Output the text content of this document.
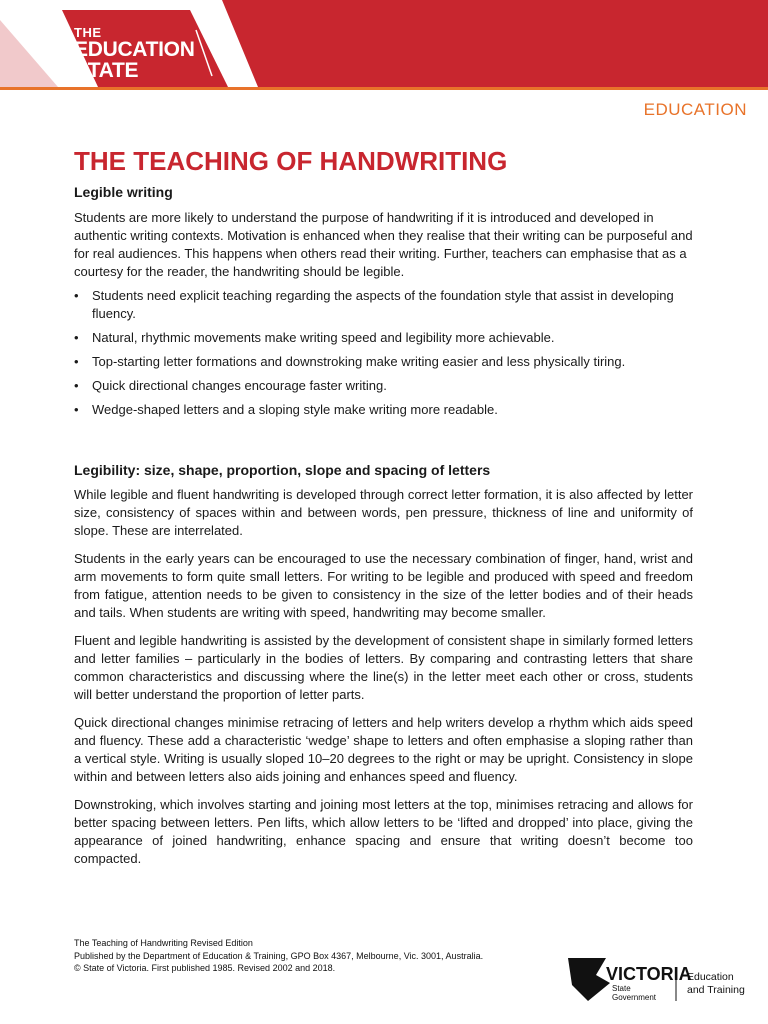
THE
EDUCATION
STATE
EDUCATION
THE TEACHING OF HANDWRITING
Legible writing

Students are more likely to understand the purpose of handwriting if it is introduced and developed in authentic writing contexts. Motivation is enhanced when they realise that their writing can be purposeful and for real audiences. This happens when others read their writing. Further, teachers can emphasise that as a courtesy for the reader, the handwriting should be legible.

• Students need explicit teaching regarding the aspects of the foundation style that assist in developing fluency.
• Natural, rhythmic movements make writing speed and legibility more achievable.
• Top-starting letter formations and downstroking make writing easier and less physically tiring.
• Quick directional changes encourage faster writing.
• Wedge-shaped letters and a sloping style make writing more readable.
Legibility: size, shape, proportion, slope and spacing of letters

While legible and fluent handwriting is developed through correct letter formation, it is also affected by letter size, consistency of spaces within and between words, pen pressure, thickness of line and uniformity of slope. These are interrelated.

Students in the early years can be encouraged to use the necessary combination of finger, hand, wrist and arm movements to form quite small letters. For writing to be legible and produced with speed and freedom from fatigue, attention needs to be given to consistency in the size of the letter bodies and of their heads and tails. When students are writing with speed, handwriting may become smaller.

Fluent and legible handwriting is assisted by the development of consistent shape in similarly formed letters and letter families – particularly in the bodies of letters. By comparing and contrasting letters that share common characteristics and discussing where the line(s) in the letter meet each other or cross, students will better understand the proportion of letter parts.

Quick directional changes minimise retracing of letters and help writers develop a rhythm which aids speed and fluency. These add a characteristic ‘wedge’ shape to letters and often emphasise a sloping rather than a vertical style. Writing is usually sloped 10–20 degrees to the right or may be upright. Consistency in slope within and between letters also aids joining and enhances speed and fluency.

Downstroking, which involves starting and joining most letters at the top, minimises retracing and allows for better spacing between letters. Pen lifts, which allow letters to be ‘lifted and dropped’ into place, giving the appearance of joined handwriting, enhance spacing and ensure that writing doesn’t become too compacted.

The Teaching of Handwriting Revised Edition
Published by the Department of Education & Training, GPO Box 4367, Melbourne, Vic. 3001, Australia.
© State of Victoria. First published 1985. Revised 2002 and 2018.	VICTORIA
State
Government
Education
and Training
